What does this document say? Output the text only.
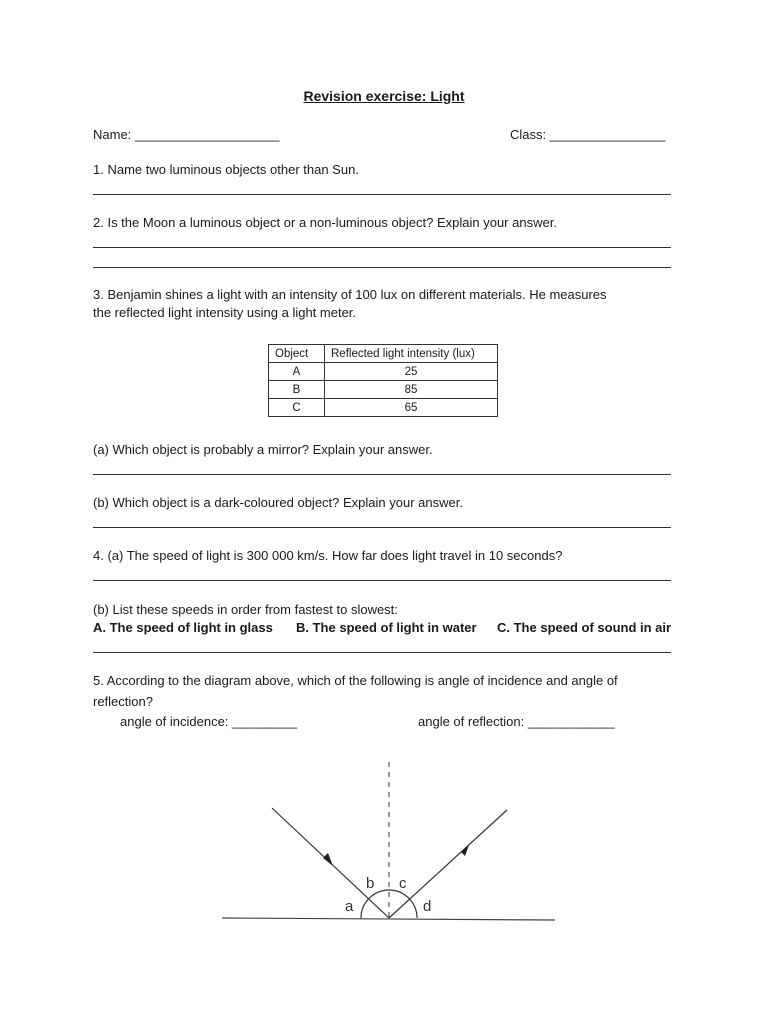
Revision exercise: Light
Name: ____________________	Class: ________________
1. Name two luminous objects other than Sun.
2. Is the Moon a luminous object or a non-luminous object? Explain your answer.
3. Benjamin shines a light with an intensity of 100 lux on different materials. He measures
the reflected light intensity using a light meter.
Object	Reflected light intensity (lux)
A	25
B	85
C	65
(a) Which object is probably a mirror? Explain your answer.
(b) Which object is a dark-coloured object? Explain your answer.
4. (a) The speed of light is 300 000 km/s. How far does light travel in 10 seconds?
(b) List these speeds in order from fastest to slowest:
A. The speed of light in glass B. The speed of light in water C. The speed of sound in air
5. According to the diagram above, which of the following is angle of incidence and angle of
reflection?
angle of incidence: _________	angle of reflection: ____________
b c
a	d
